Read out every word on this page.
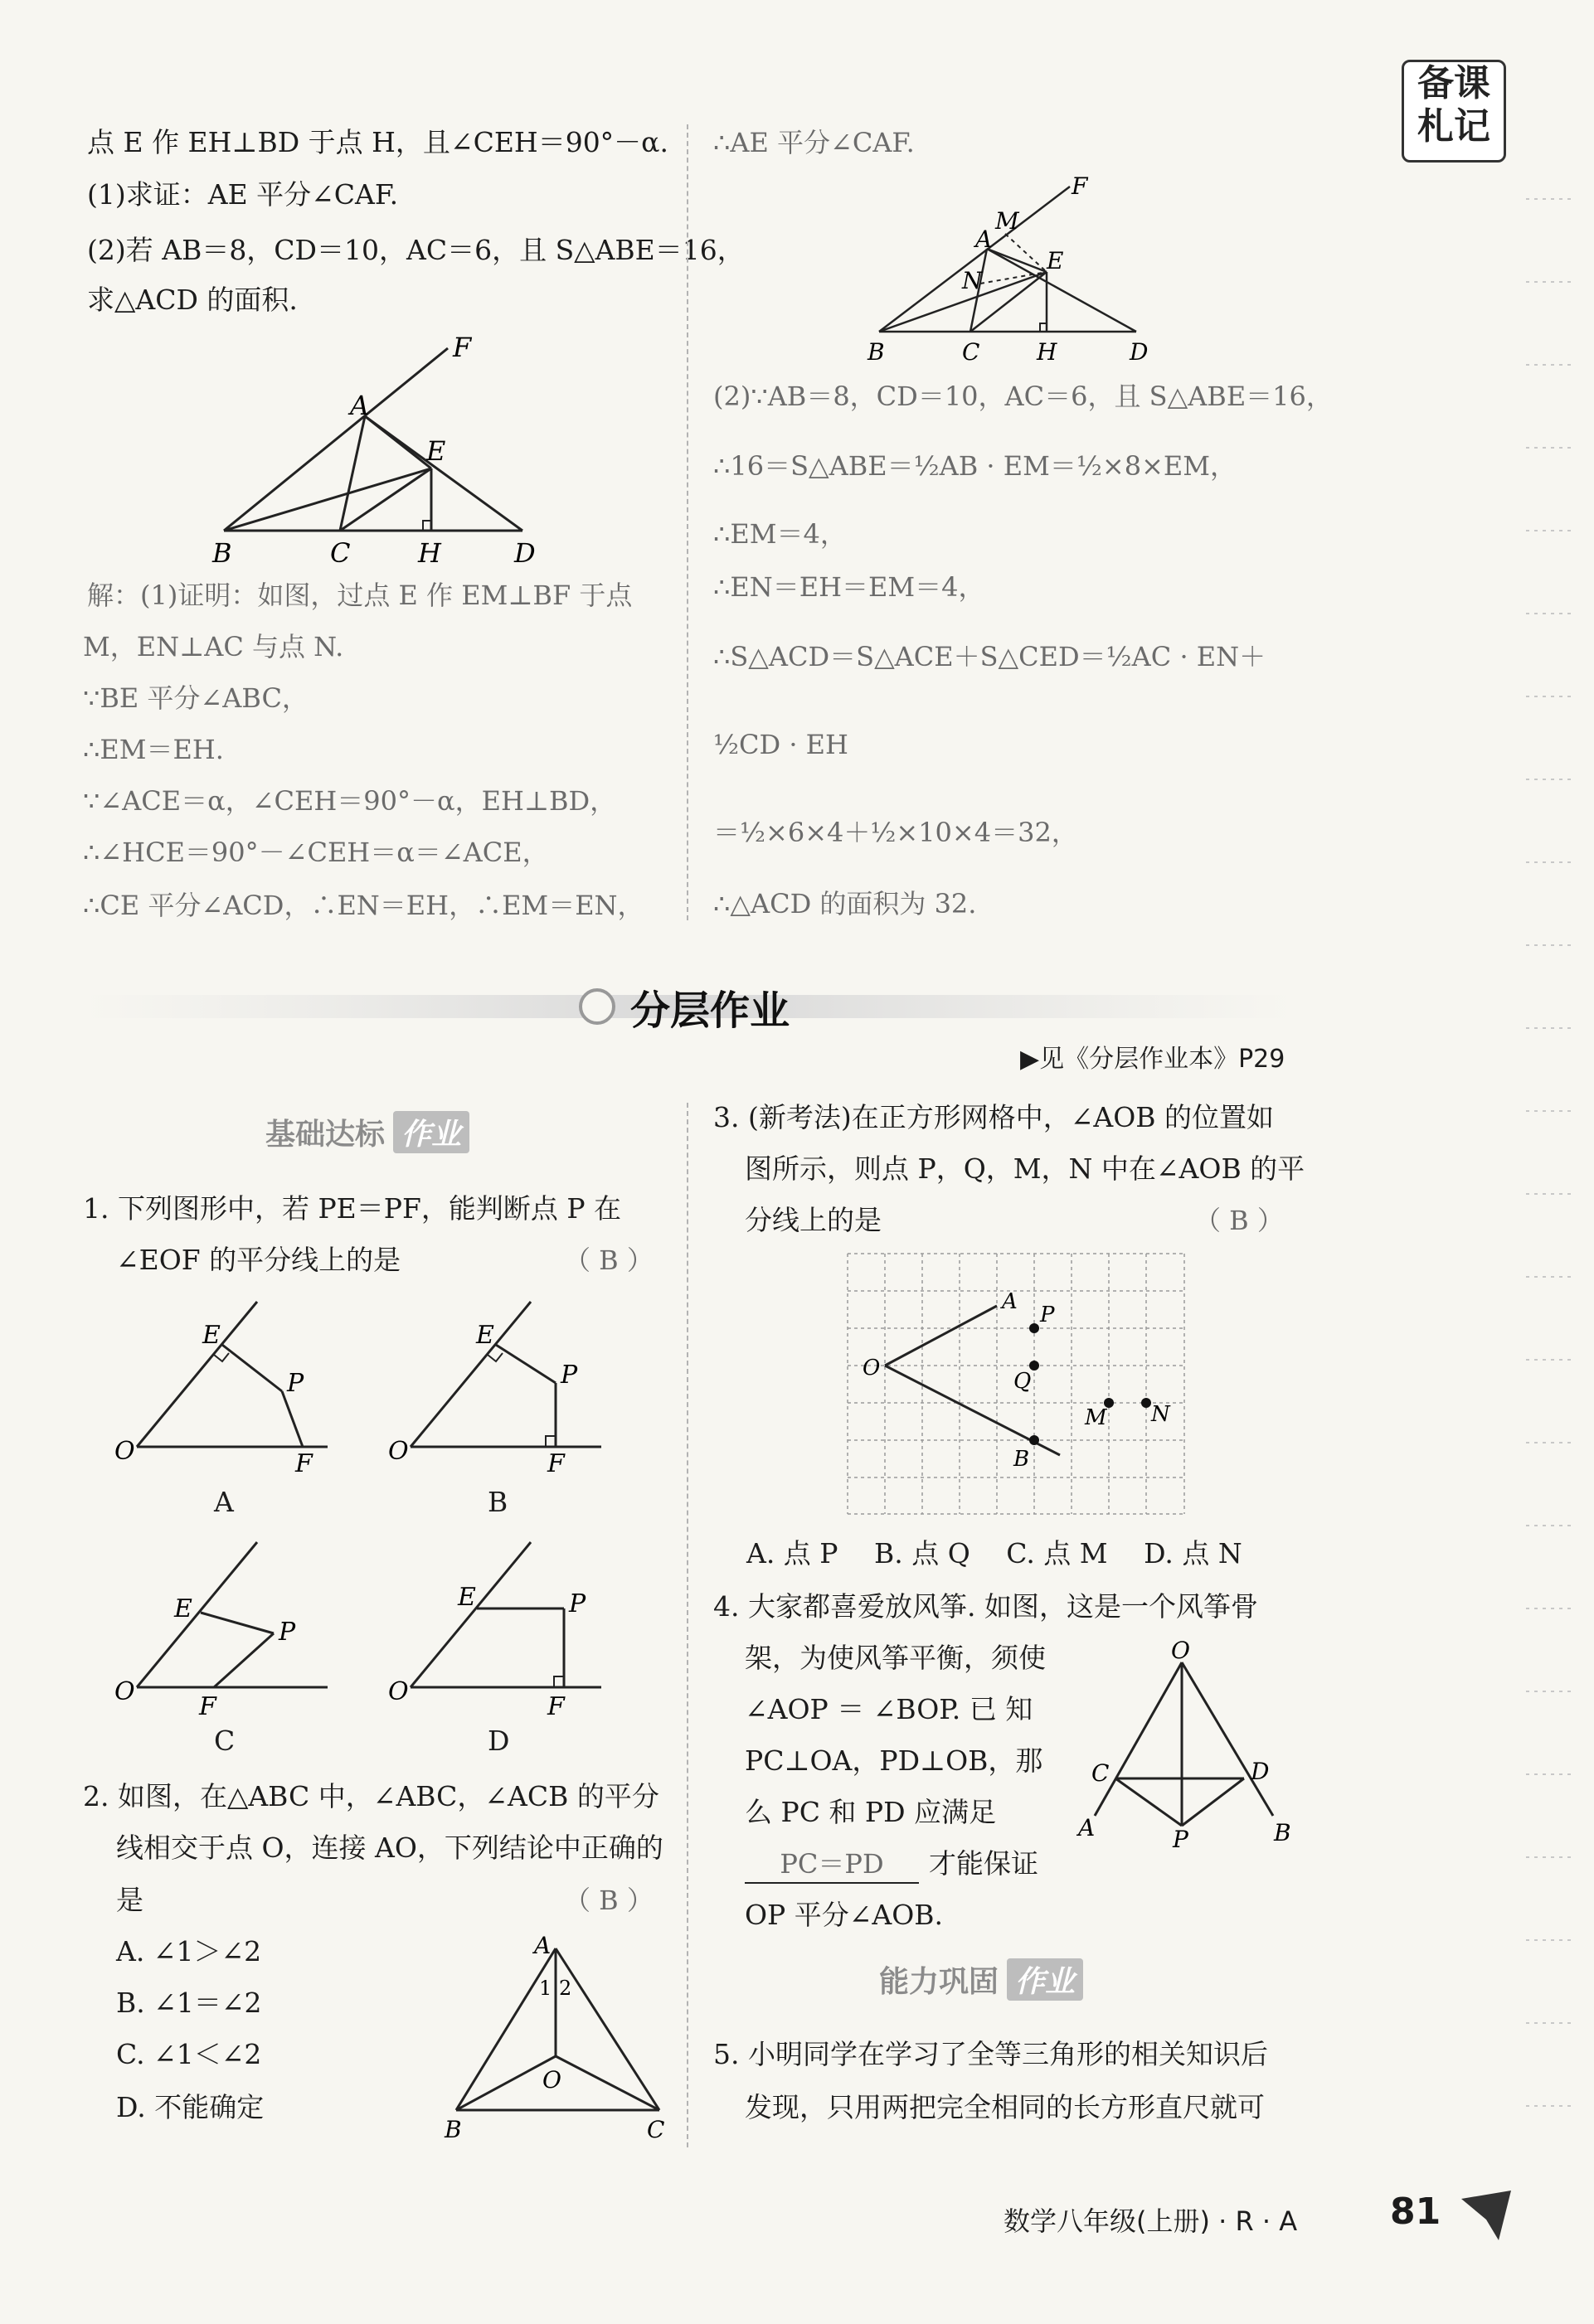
备课
札记
点 E 作 EH⊥BD 于点 H，且∠CEH＝90°－α.
(1)求证：AE 平分∠CAF.
(2)若 AB＝8，CD＝10，AC＝6，且 S△ABE＝16，
求△ACD 的面积.
F
A
E
B	C	H	D
解：(1)证明：如图，过点 E 作 EM⊥BF 于点
M，EN⊥AC 与点 N.
∵BE 平分∠ABC，
∴EM＝EH.
∵∠ACE＝α，∠CEH＝90°－α，EH⊥BD，
∴∠HCE＝90°－∠CEH＝α＝∠ACE，
∴CE 平分∠ACD，∴EN＝EH，∴EM＝EN，
∴AE 平分∠CAF.
M
F
A
N
E
B	C H	D
(2)∵AB＝8，CD＝10，AC＝6，且 S△ABE＝16，
∴16＝S△ABE＝½AB · EM＝½×8×EM，
∴EM＝4，
∴EN＝EH＝EM＝4，
∴S△ACD＝S△ACE＋S△CED＝½AC · EN＋
½CD · EH
＝½×6×4＋½×10×4＝32，
∴△ACD 的面积为 32.
分层作业
▶见《分层作业本》P29
基础达标 作业
1. 下列图形中，若 PE＝PF，能判断点 P 在
∠EOF 的平分线上的是	（ B ）
O
E
P
F
A
O
E
P
F
B
O
E
P
F
C
O
E	P
F
D
2. 如图，在△ABC 中，∠ABC，∠ACB 的平分
线相交于点 O，连接 AO，下列结论中正确的
是	（ B ）
A. ∠1＞∠2
B. ∠1＝∠2
C. ∠1＜∠2
D. 不能确定
A
1 2
O
B	C
3. (新考法)在正方形网格中，∠AOB 的位置如
图所示，则点 P，Q，M，N 中在∠AOB 的平
分线上的是	（ B ）
A
P
O
Q
M N
B
A. 点 P　 B. 点 Q　 C. 点 M　 D. 点 N
4. 大家都喜爱放风筝. 如图，这是一个风筝骨
架，为使风筝平衡，须使
∠AOP ＝ ∠BOP. 已 知
PC⊥OA，PD⊥OB，那
么 PC 和 PD 应满足
PC＝PD 才能保证
OP 平分∠AOB.
O
C	D
A	P	B
能力巩固 作业
5. 小明同学在学习了全等三角形的相关知识后
发现，只用两把完全相同的长方形直尺就可
数学八年级(上册) · R · A	81
